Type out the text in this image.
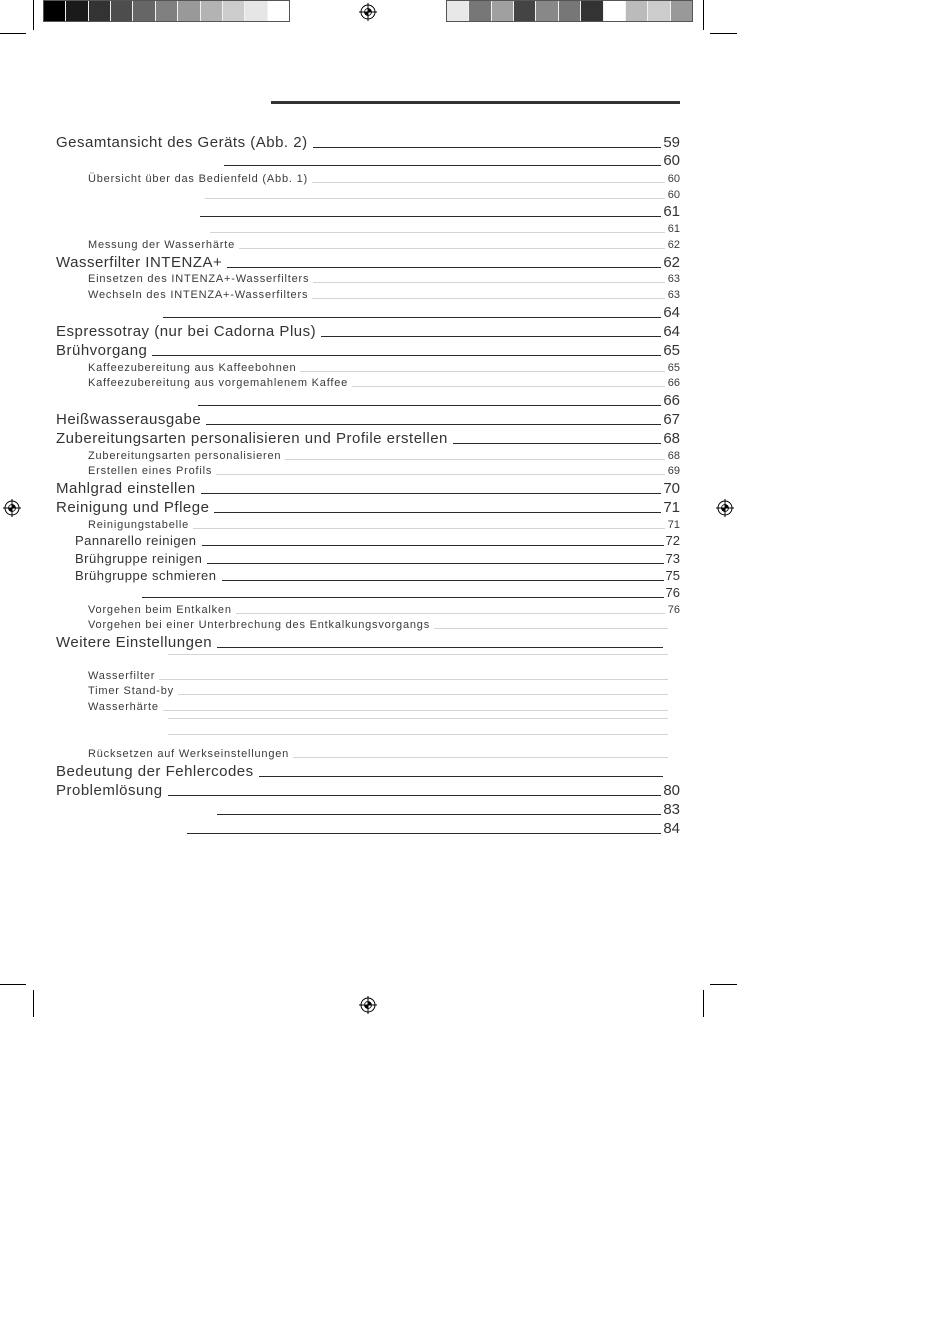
Gesamtansicht des Geräts (Abb. 2)	59
60
Übersicht über das Bedienfeld (Abb. 1)	60
60
61
61
Messung der Wasserhärte	62
Wasserfilter INTENZA+	62
Einsetzen des INTENZA+-Wasserfilters	63
Wechseln des INTENZA+-Wasserfilters	63
64
Espressotray (nur bei Cadorna Plus)	64
Brühvorgang	65
Kaffeezubereitung aus Kaffeebohnen	65
Kaffeezubereitung aus vorgemahlenem Kaffee	66
66
Heißwasserausgabe	67
Zubereitungsarten personalisieren und Profile erstellen	68
Zubereitungsarten personalisieren	68
Erstellen eines Profils	69
Mahlgrad einstellen	70
Reinigung und Pflege	71
Reinigungstabelle	71
Pannarello reinigen	72
Brühgruppe reinigen	73
Brühgruppe schmieren	75
76
Vorgehen beim Entkalken	76
Vorgehen bei einer Unterbrechung des Entkalkungsvorgangs
Weitere Einstellungen
Wasserfilter
Timer Stand-by
Wasserhärte
Rücksetzen auf Werkseinstellungen
Bedeutung der Fehlercodes
Problemlösung	80
83
84
